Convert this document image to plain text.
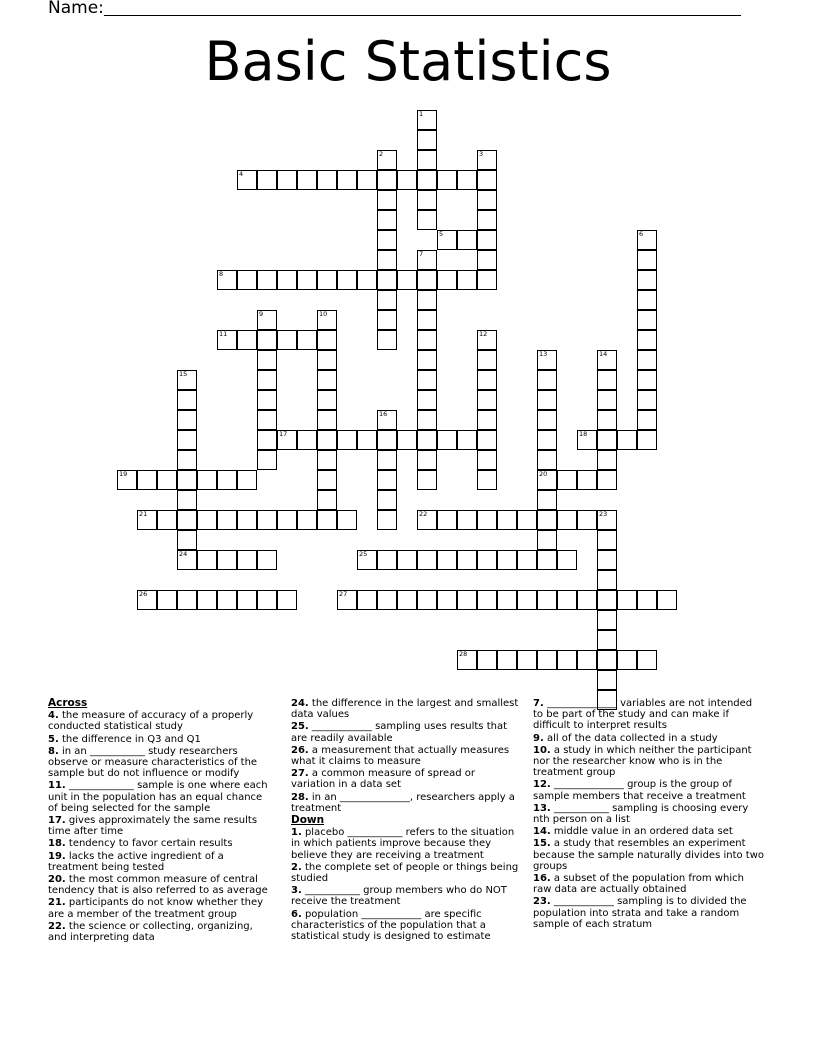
Name:
Basic Statistics
1
2	3
4
5	6
7
8
9	10
11	12
13
20
14
15
24
16
17	18
19
21	22	23
25
26	27
28

Across

4. the measure of accuracy of a properly conducted statistical study

5. the difference in Q3 and Q1

8. in an ___________ study researchers observe or measure characteristics of the sample but do not influence or modify

11. _____________ sample is one where each unit in the population has an equal chance of being selected for the sample

17. gives approximately the same results time after time

18. tendency to favor certain results

19. lacks the active ingredient of a treatment being tested

20. the most common measure of central tendency that is also referred to as average

21. participants do not know whether they are a member of the treatment group

22. the science or collecting, organizing, and interpreting data

24. the difference in the largest and smallest data values

25. ____________ sampling uses results that are readily available

26. a measurement that actually measures what it claims to measure

27. a common measure of spread or variation in a data set

28. in an ______________, researchers apply a treatment

Down

1. placebo ___________ refers to the situation in which patients improve because they believe they are receiving a treatment

2. the complete set of people or things being studied

3. ___________ group members who do NOT receive the treatment

6. population ____________ are specific characteristics of the population that a statistical study is designed to estimate

7. ______________ variables are not intended to be part of the study and can make if difficult to interpret results

9. all of the data collected in a study

10. a study in which neither the participant nor the researcher know who is in the treatment group

12. ______________ group is the group of sample members that receive a treatment

13. ___________ sampling is choosing every nth person on a list

14. middle value in an ordered data set

15. a study that resembles an experiment because the sample naturally divides into two groups

16. a subset of the population from which raw data are actually obtained

23. ____________ sampling is to divided the population into strata and take a random sample of each stratum
